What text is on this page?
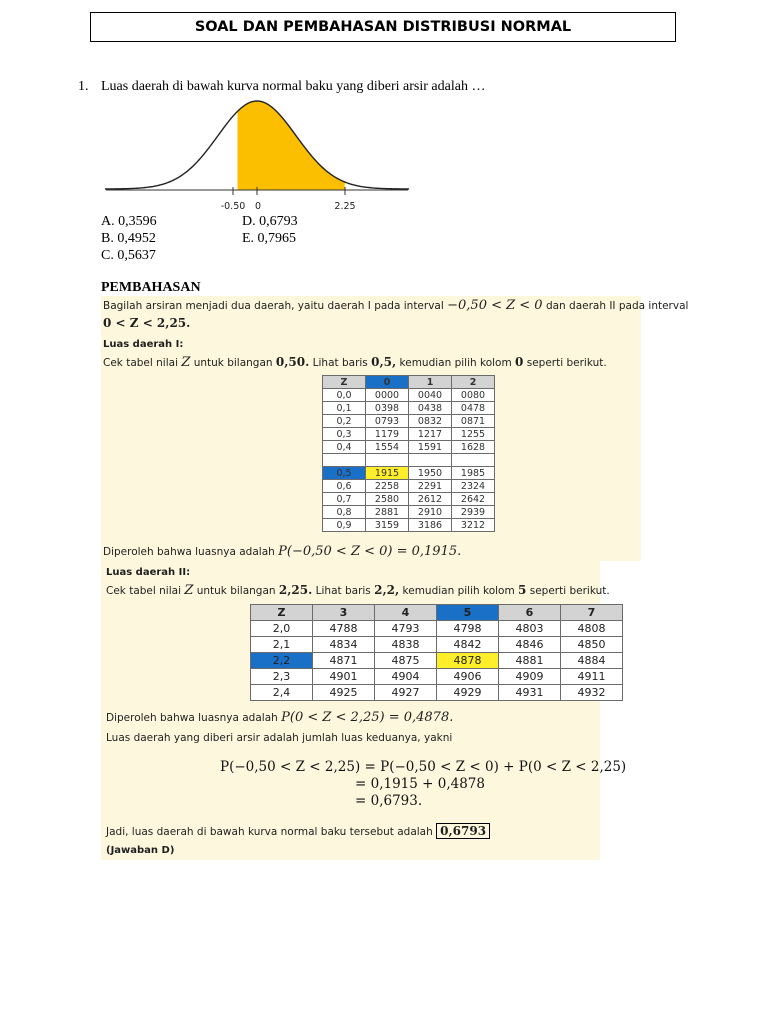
SOAL DAN PEMBAHASAN DISTRIBUSI NORMAL
1. Luas daerah di bawah kurva normal baku yang diberi arsir adalah …
-0.50 0	2.25
A. 0,3596
B. 0,4952
C. 0,5637
D. 0,6793
E. 0,7965
PEMBAHASAN
Bagilah arsiran menjadi dua daerah, yaitu daerah I pada interval −0,50 < Z < 0 dan daerah II pada interval
0 < Z < 2,25.
Luas daerah I:
Cek tabel nilai Z untuk bilangan 0,50. Lihat baris 0,5, kemudian pilih kolom 0 seperti berikut.
Z	0	1	2
0,0	0000	0040	0080
0,1	0398	0438	0478
0,2	0793	0832	0871
0,3	1179	1217	1255
0,4	1554	1591	1628

0,5	1915	1950	1985
0,6	2258	2291	2324
0,7	2580	2612	2642
0,8	2881	2910	2939
0,9	3159	3186	3212
Diperoleh bahwa luasnya adalah P(−0,50 < Z < 0) = 0,1915.
Luas daerah II:
Cek tabel nilai Z untuk bilangan 2,25. Lihat baris 2,2, kemudian pilih kolom 5 seperti berikut.
Z	3	4	5	6	7
2,0	4788	4793	4798	4803	4808
2,1	4834	4838	4842	4846	4850
2,2	4871	4875	4878	4881	4884
2,3	4901	4904	4906	4909	4911
2,4	4925	4927	4929	4931	4932
Diperoleh bahwa luasnya adalah P(0 < Z < 2,25) = 0,4878.
Luas daerah yang diberi arsir adalah jumlah luas keduanya, yakni
P(−0,50 < Z < 2,25) = P(−0,50 < Z < 0) + P(0 < Z < 2,25)
= 0,1915 + 0,4878
= 0,6793.
Jadi, luas daerah di bawah kurva normal baku tersebut adalah 0,6793
(Jawaban D)
